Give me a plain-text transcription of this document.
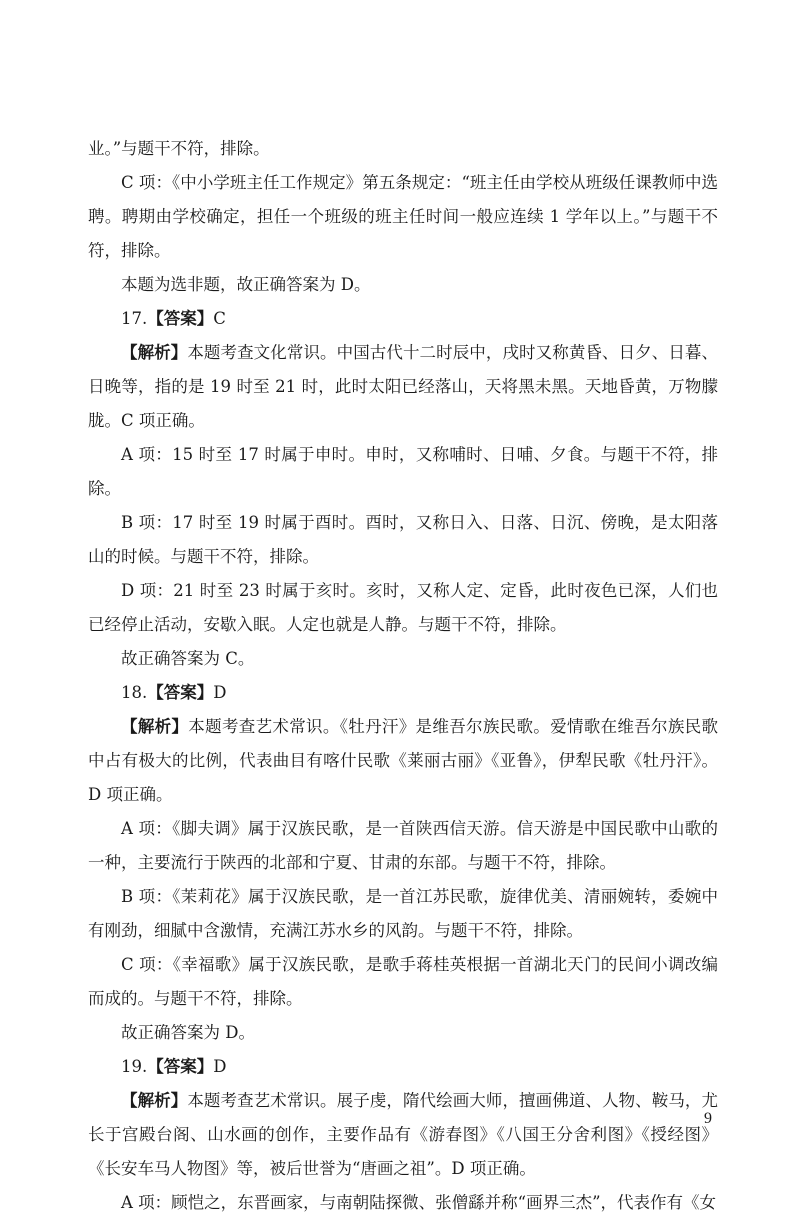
业。”与题干不符，排除。

C 项：《中小学班主任工作规定》第五条规定：“班主任由学校从班级任课教师中选聘。聘期由学校确定，担任一个班级的班主任时间一般应连续 1 学年以上。”与题干不符，排除。

本题为选非题，故正确答案为 D。

17.【答案】C

【解析】本题考查文化常识。中国古代十二时辰中，戌时又称黄昏、日夕、日暮、日晚等，指的是 19 时至 21 时，此时太阳已经落山，天将黑未黑。天地昏黄，万物朦胧。C 项正确。

A 项：15 时至 17 时属于申时。申时，又称哺时、日哺、夕食。与题干不符，排除。

B 项：17 时至 19 时属于酉时。酉时，又称日入、日落、日沉、傍晚，是太阳落山的时候。与题干不符，排除。

D 项：21 时至 23 时属于亥时。亥时，又称人定、定昏，此时夜色已深，人们也已经停止活动，安歇入眠。人定也就是人静。与题干不符，排除。

故正确答案为 C。

18.【答案】D

【解析】本题考查艺术常识。《牡丹汗》是维吾尔族民歌。爱情歌在维吾尔族民歌中占有极大的比例，代表曲目有喀什民歌《莱丽古丽》《亚鲁》，伊犁民歌《牡丹汗》。D 项正确。

A 项：《脚夫调》属于汉族民歌，是一首陕西信天游。信天游是中国民歌中山歌的一种，主要流行于陕西的北部和宁夏、甘肃的东部。与题干不符，排除。

B 项：《茉莉花》属于汉族民歌，是一首江苏民歌，旋律优美、清丽婉转，委婉中有刚劲，细腻中含激情，充满江苏水乡的风韵。与题干不符，排除。

C 项：《幸福歌》属于汉族民歌，是歌手蒋桂英根据一首湖北天门的民间小调改编而成的。与题干不符，排除。

故正确答案为 D。

19.【答案】D

【解析】本题考查艺术常识。展子虔，隋代绘画大师，擅画佛道、人物、鞍马，尤长于宫殿台阁、山水画的创作，主要作品有《游春图》《八国王分舍利图》《授经图》《长安车马人物图》等，被后世誉为“唐画之祖”。D 项正确。

A 项：顾恺之，东晋画家，与南朝陆探微、张僧繇并称“画界三杰”，代表作有《女

9
